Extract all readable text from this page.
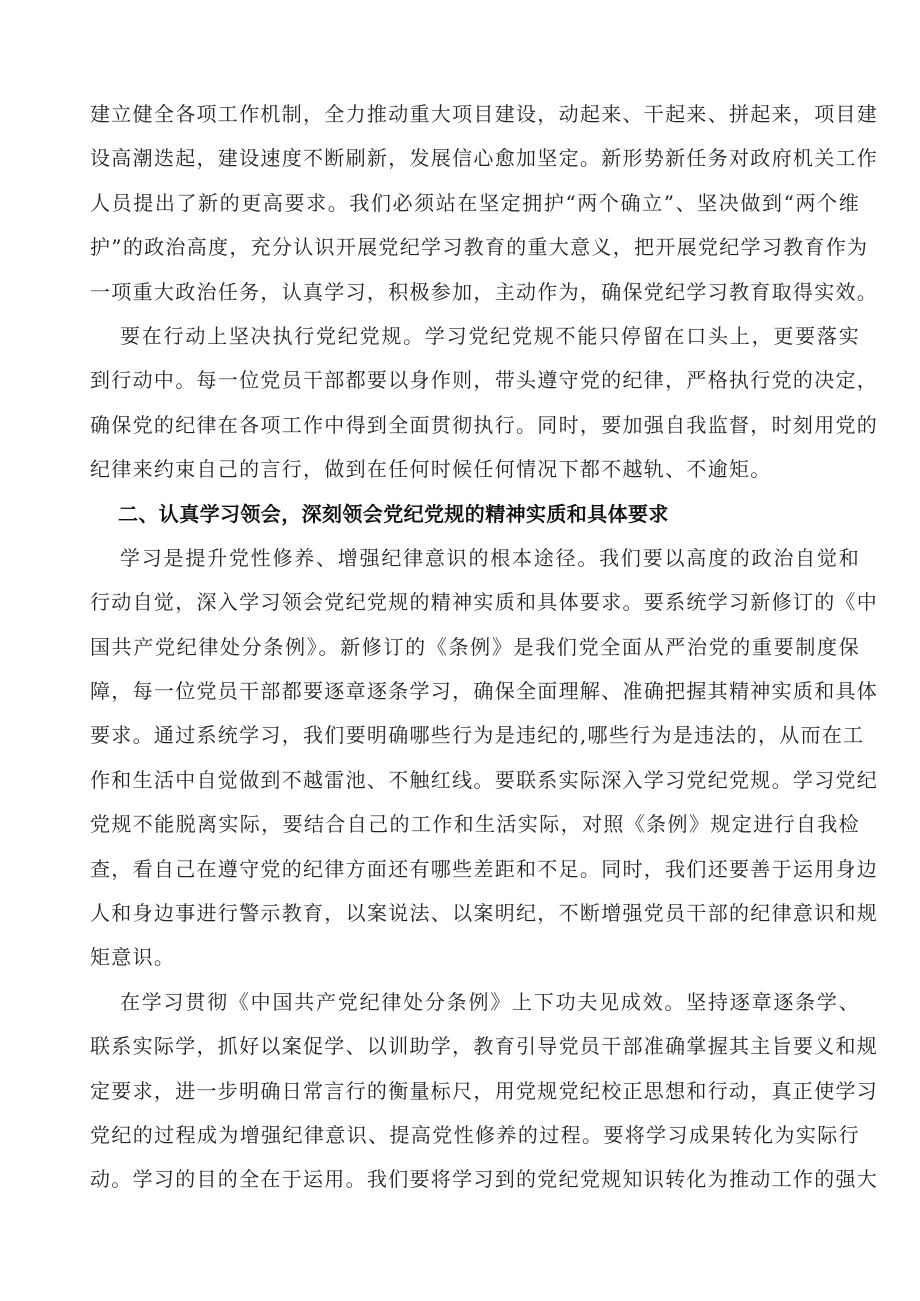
建立健全各项工作机制，全力推动重大项目建设，动起来、干起来、拼起来，项目建
设高潮迭起，建设速度不断刷新，发展信心愈加坚定。新形势新任务对政府机关工作
人员提出了新的更高要求。我们必须站在坚定拥护“两个确立”、坚决做到“两个维
护”的政治高度，充分认识开展党纪学习教育的重大意义，把开展党纪学习教育作为
一项重大政治任务，认真学习，积极参加，主动作为，确保党纪学习教育取得实效。
要在行动上坚决执行党纪党规。学习党纪党规不能只停留在口头上，更要落实
到行动中。每一位党员干部都要以身作则，带头遵守党的纪律，严格执行党的决定，
确保党的纪律在各项工作中得到全面贯彻执行。同时，要加强自我监督，时刻用党的
纪律来约束自己的言行，做到在任何时候任何情况下都不越轨、不逾矩。
二、认真学习领会，深刻领会党纪党规的精神实质和具体要求
学习是提升党性修养、增强纪律意识的根本途径。我们要以高度的政治自觉和
行动自觉，深入学习领会党纪党规的精神实质和具体要求。要系统学习新修订的《中
国共产党纪律处分条例》。新修订的《条例》是我们党全面从严治党的重要制度保
障，每一位党员干部都要逐章逐条学习，确保全面理解、准确把握其精神实质和具体
要求。通过系统学习，我们要明确哪些行为是违纪的,哪些行为是违法的，从而在工
作和生活中自觉做到不越雷池、不触红线。要联系实际深入学习党纪党规。学习党纪
党规不能脱离实际，要结合自己的工作和生活实际，对照《条例》规定进行自我检
查，看自己在遵守党的纪律方面还有哪些差距和不足。同时，我们还要善于运用身边
人和身边事进行警示教育，以案说法、以案明纪，不断增强党员干部的纪律意识和规
矩意识。
在学习贯彻《中国共产党纪律处分条例》上下功夫见成效。坚持逐章逐条学、
联系实际学，抓好以案促学、以训助学，教育引导党员干部准确掌握其主旨要义和规
定要求，进一步明确日常言行的衡量标尺，用党规党纪校正思想和行动，真正使学习
党纪的过程成为增强纪律意识、提高党性修养的过程。要将学习成果转化为实际行
动。学习的目的全在于运用。我们要将学习到的党纪党规知识转化为推动工作的强大
